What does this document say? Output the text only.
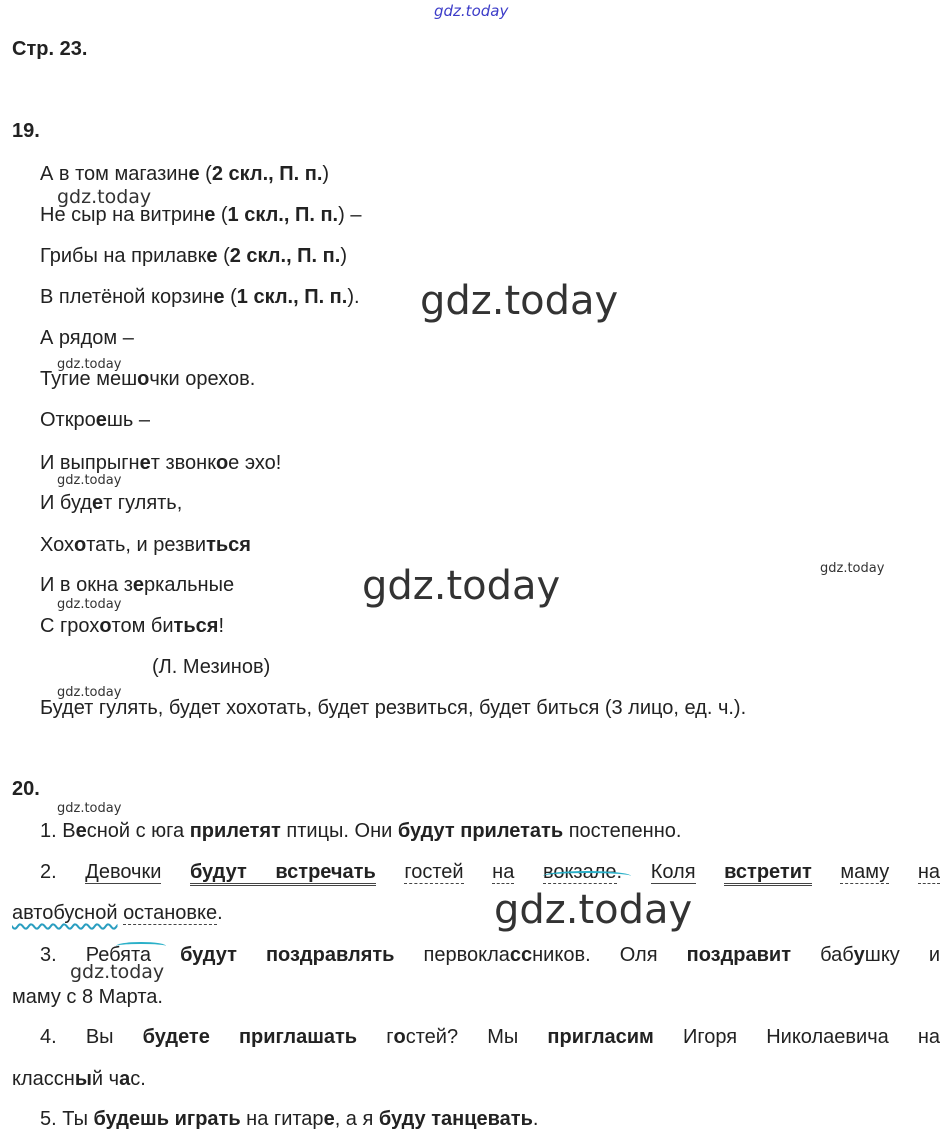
gdz.today
Стр. 23.
19.
А в том магазине (2 скл., П. п.)
Не сыр на витрине (1 скл., П. п.) –
Грибы на прилавке (2 скл., П. п.)
В плетёной корзине (1 скл., П. п.).
А рядом –
Тугие мешочки орехов.
Откроешь –
И выпрыгнет звонкое эхо!
И будет гулять,
Хохотать, и резвиться
И в окна зеркальные
С грохотом биться!
(Л. Мезинов)
Будет гулять, будет хохотать, будет резвиться, будет биться (3 лицо, ед. ч.).
20.
1. Весной с юга прилетят птицы. Они будут прилетать постепенно.
2. Девочки будут встречать гостей на вокзале
. Коля встретит маму на
автобусной остановке.
3. Ребята будут поздравлять первоклассников. Оля поздравит бабушку и
маму с 8 Марта.
4. Вы будете приглашать гостей? Мы пригласим Игоря Николаевича на
классный час.
5. Ты будешь играть на гитаре, а я буду танцевать.
gdz.today
gdz.today
gdz.today
gdz.today
gdz.today	gdz.today
gdz.today
gdz.today
gdz.today
gdz.today
gdz.today
